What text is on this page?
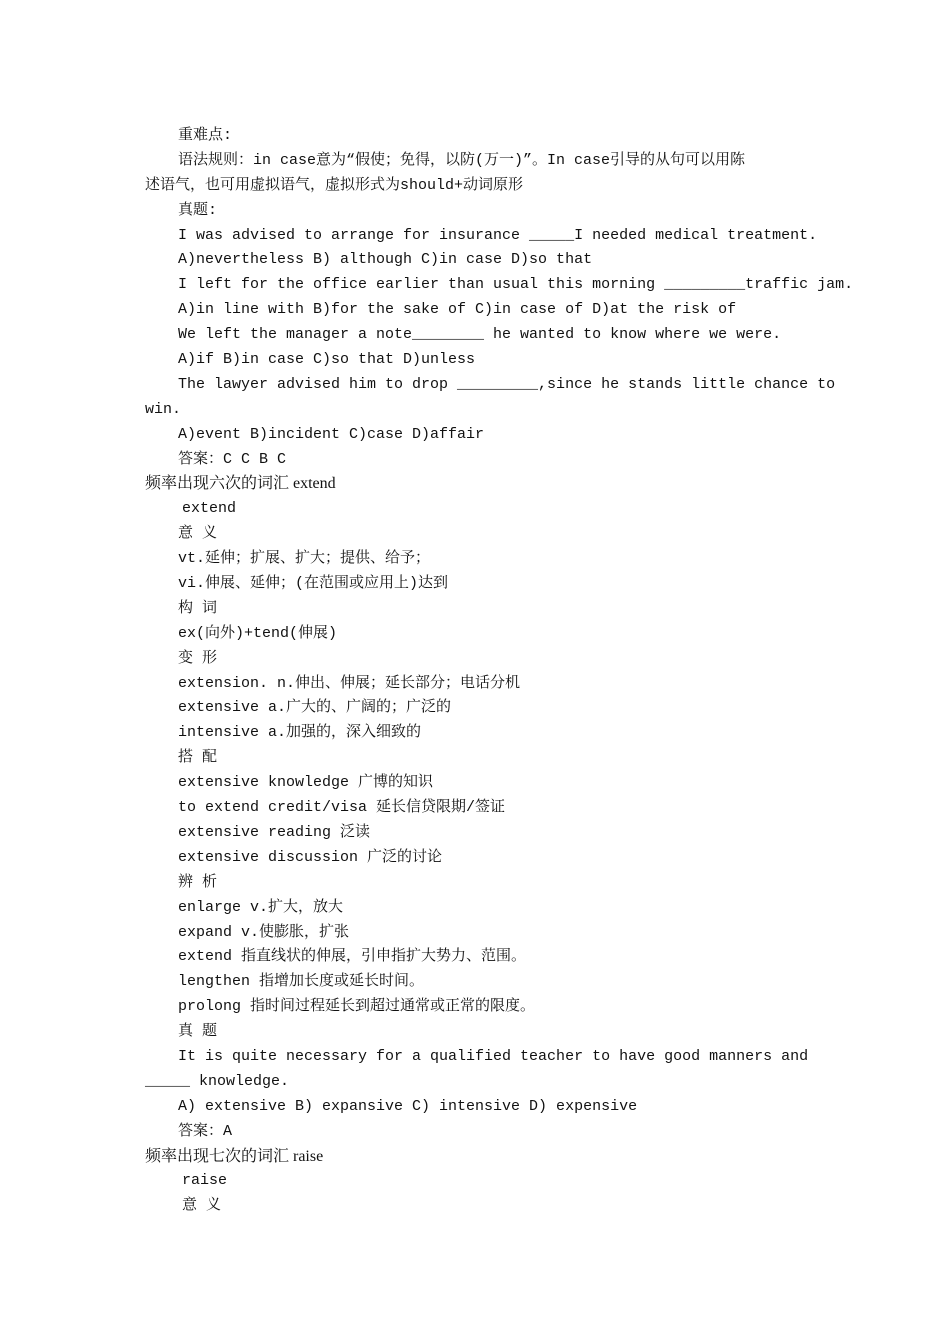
重难点:
语法规则：in case意为“假使；免得，以防(万一)”。In case引导的从句可以用陈
述语气，也可用虚拟语气，虚拟形式为should+动词原形
真题:
I was advised to arrange for insurance _____I needed medical treatment.
A)nevertheless B) although C)in case D)so that
I left for the office earlier than usual this morning _________traffic jam.
A)in line with B)for the sake of C)in case of D)at the risk of
We left the manager a note________ he wanted to know where we were.
A)if B)in case C)so that D)unless
The lawyer advised him to drop _________,since he stands little chance to
win.
A)event B)incident C)case D)affair
答案：C C B C
频率出现六次的词汇 extend
extend
意 义
vt.延伸；扩展、扩大；提供、给予；
vi.伸展、延伸；(在范围或应用上)达到
构 词
ex(向外)+tend(伸展)
变 形
extension. n.伸出、伸展；延长部分；电话分机
extensive a.广大的、广阔的；广泛的
intensive a.加强的，深入细致的
搭 配
extensive knowledge 广博的知识
to extend credit/visa 延长信贷限期/签证
extensive reading 泛读
extensive discussion 广泛的讨论
辨 析
enlarge v.扩大，放大
expand v.使膨胀，扩张
extend 指直线状的伸展，引申指扩大势力、范围。
lengthen 指增加长度或延长时间。
prolong 指时间过程延长到超过通常或正常的限度。
真 题
It is quite necessary for a qualified teacher to have good manners and
_____ knowledge.
A) extensive B) expansive C) intensive D) expensive
答案：A
频率出现七次的词汇 raise
raise
意 义
